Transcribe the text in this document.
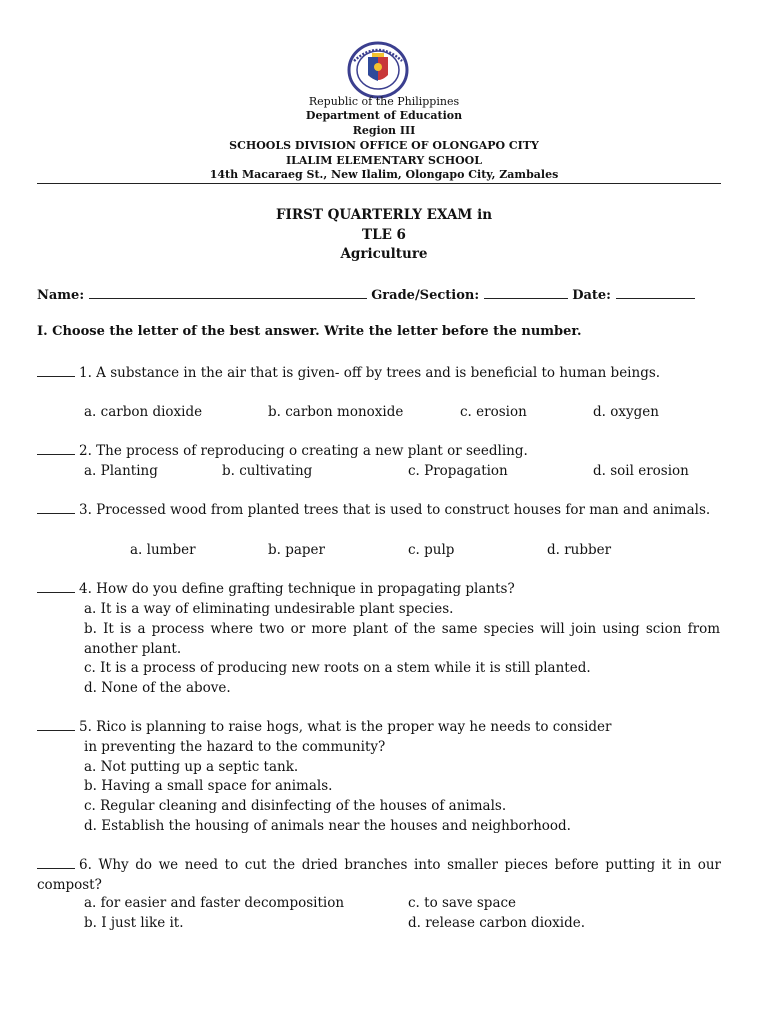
Republic of the Philippines
Department of Education
Region III
SCHOOLS DIVISION OFFICE OF OLONGAPO CITY
ILALIM ELEMENTARY SCHOOL
14th Macaraeg St., New Ilalim, Olongapo City, Zambales
FIRST QUARTERLY EXAM in
TLE 6
Agriculture
Name:	Grade/Section:	Date:
I. Choose the letter of the best answer. Write the letter before the number.
1. A substance in the air that is given- off by trees and is beneficial to human beings.
a. carbon dioxide	b. carbon monoxide	c. erosion	d. oxygen
2. The process of reproducing o creating a new plant or seedling.
a. Planting	b. cultivating	c. Propagation	d. soil erosion
3. Processed wood from planted trees that is used to construct houses for man and animals.
a. lumber	b. paper	c. pulp	d. rubber
4. How do you define grafting technique in propagating plants?
a. It is a way of eliminating undesirable plant species.
b. It is a process where two or more plant of the same species will join using scion from another plant.
c. It is a process of producing new roots on a stem while it is still planted.
d. None of the above.
5. Rico is planning to raise hogs, what is the proper way he needs to consider
in preventing the hazard to the community?
a. Not putting up a septic tank.
b. Having a small space for animals.
c. Regular cleaning and disinfecting of the houses of animals.
d. Establish the housing of animals near the houses and neighborhood.
6. Why do we need to cut the dried branches into smaller pieces before putting it in our compost?
a. for easier and faster decomposition	c. to save space
b. I just like it.	d. release carbon dioxide.
